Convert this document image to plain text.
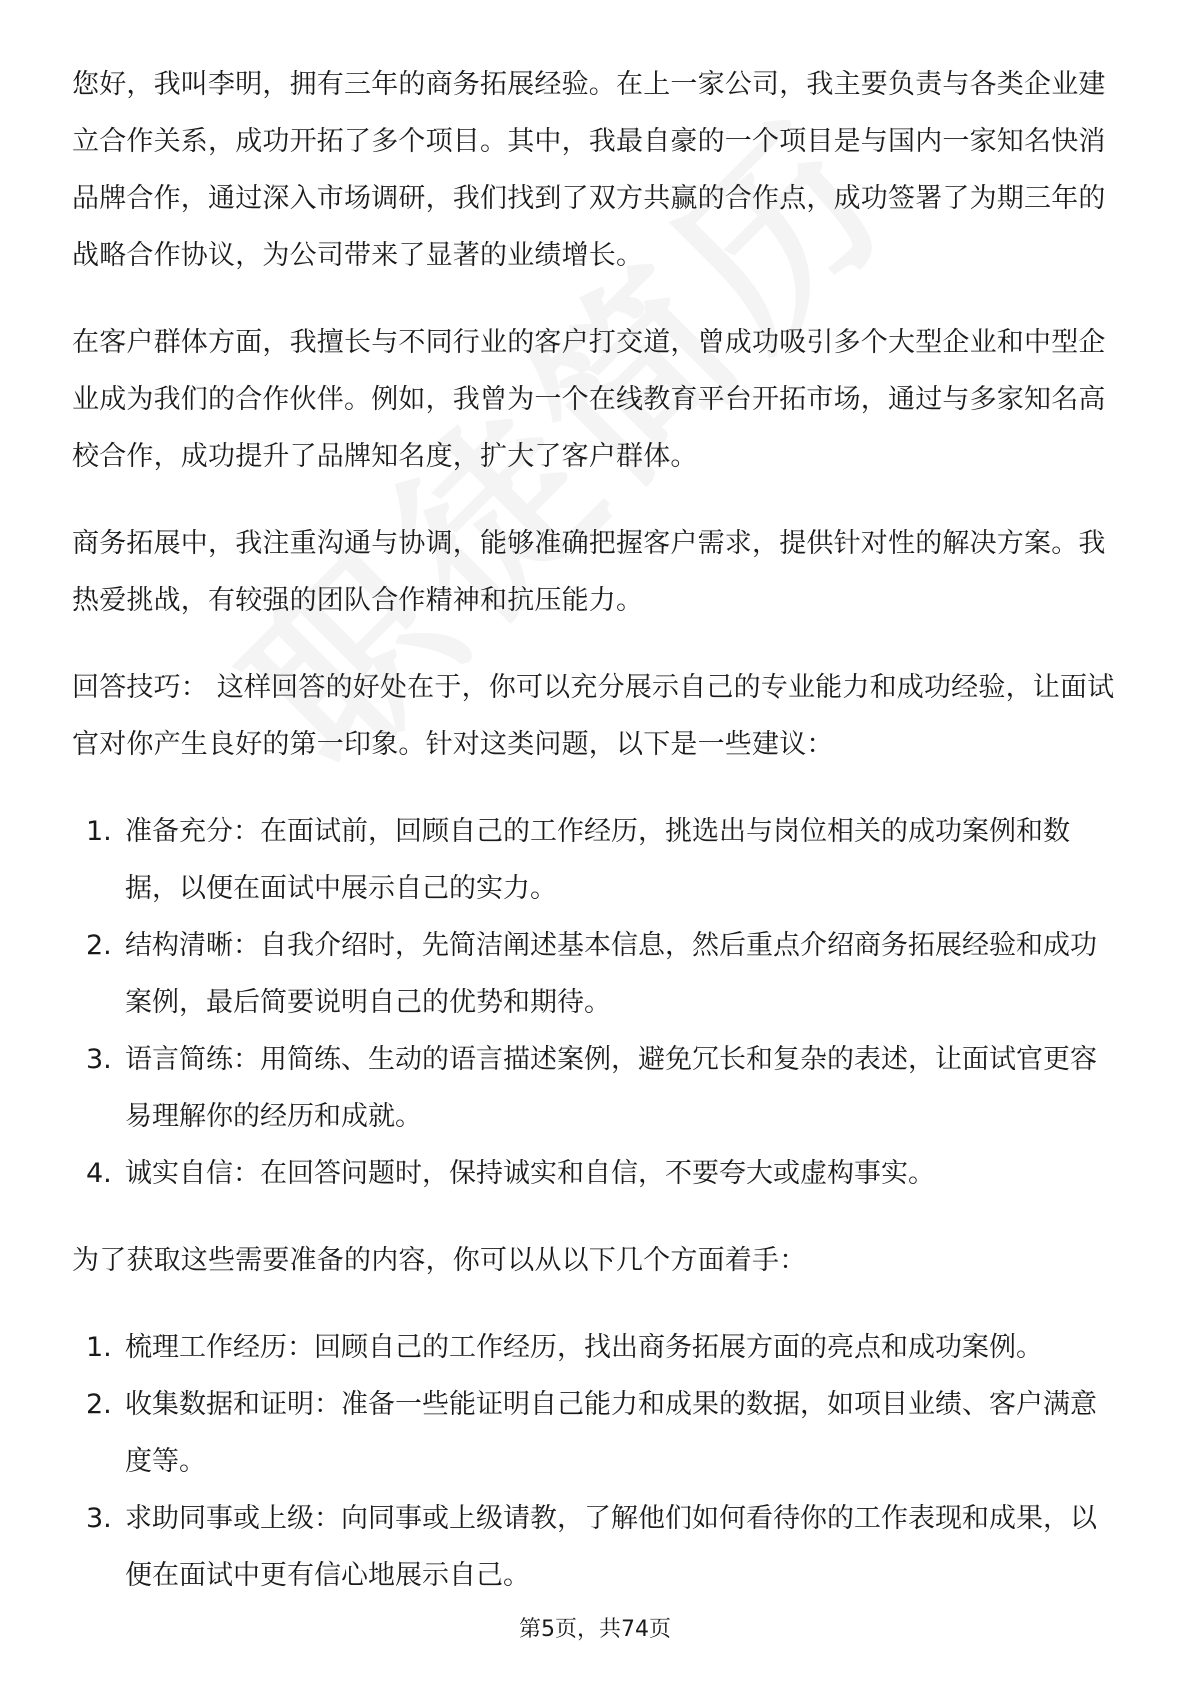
您好，我叫李明，拥有三年的商务拓展经验。在上一家公司，我主要负责与各类企业建立合作关系，成功开拓了多个项目。其中，我最自豪的一个项目是与国内一家知名快消品牌合作，通过深入市场调研，我们找到了双方共赢的合作点，成功签署了为期三年的战略合作协议，为公司带来了显著的业绩增长。

在客户群体方面，我擅长与不同行业的客户打交道，曾成功吸引多个大型企业和中型企业成为我们的合作伙伴。例如，我曾为一个在线教育平台开拓市场，通过与多家知名高校合作，成功提升了品牌知名度，扩大了客户群体。

商务拓展中，我注重沟通与协调，能够准确把握客户需求，提供针对性的解决方案。我热爱挑战，有较强的团队合作精神和抗压能力。

回答技巧： 这样回答的好处在于，你可以充分展示自己的专业能力和成功经验，让面试官对你产生良好的第一印象。针对这类问题，以下是一些建议：

1. 准备充分：在面试前，回顾自己的工作经历，挑选出与岗位相关的成功案例和数据，以便在面试中展示自己的实力。
2. 结构清晰：自我介绍时，先简洁阐述基本信息，然后重点介绍商务拓展经验和成功案例，最后简要说明自己的优势和期待。
3. 语言简练：用简练、生动的语言描述案例，避免冗长和复杂的表述，让面试官更容易理解你的经历和成就。
4. 诚实自信：在回答问题时，保持诚实和自信，不要夸大或虚构事实。

为了获取这些需要准备的内容，你可以从以下几个方面着手：

1. 梳理工作经历：回顾自己的工作经历，找出商务拓展方面的亮点和成功案例。
2. 收集数据和证明：准备一些能证明自己能力和成果的数据，如项目业绩、客户满意度等。
3. 求助同事或上级：向同事或上级请教，了解他们如何看待你的工作表现和成果，以便在面试中更有信心地展示自己。
第5页，共74页
